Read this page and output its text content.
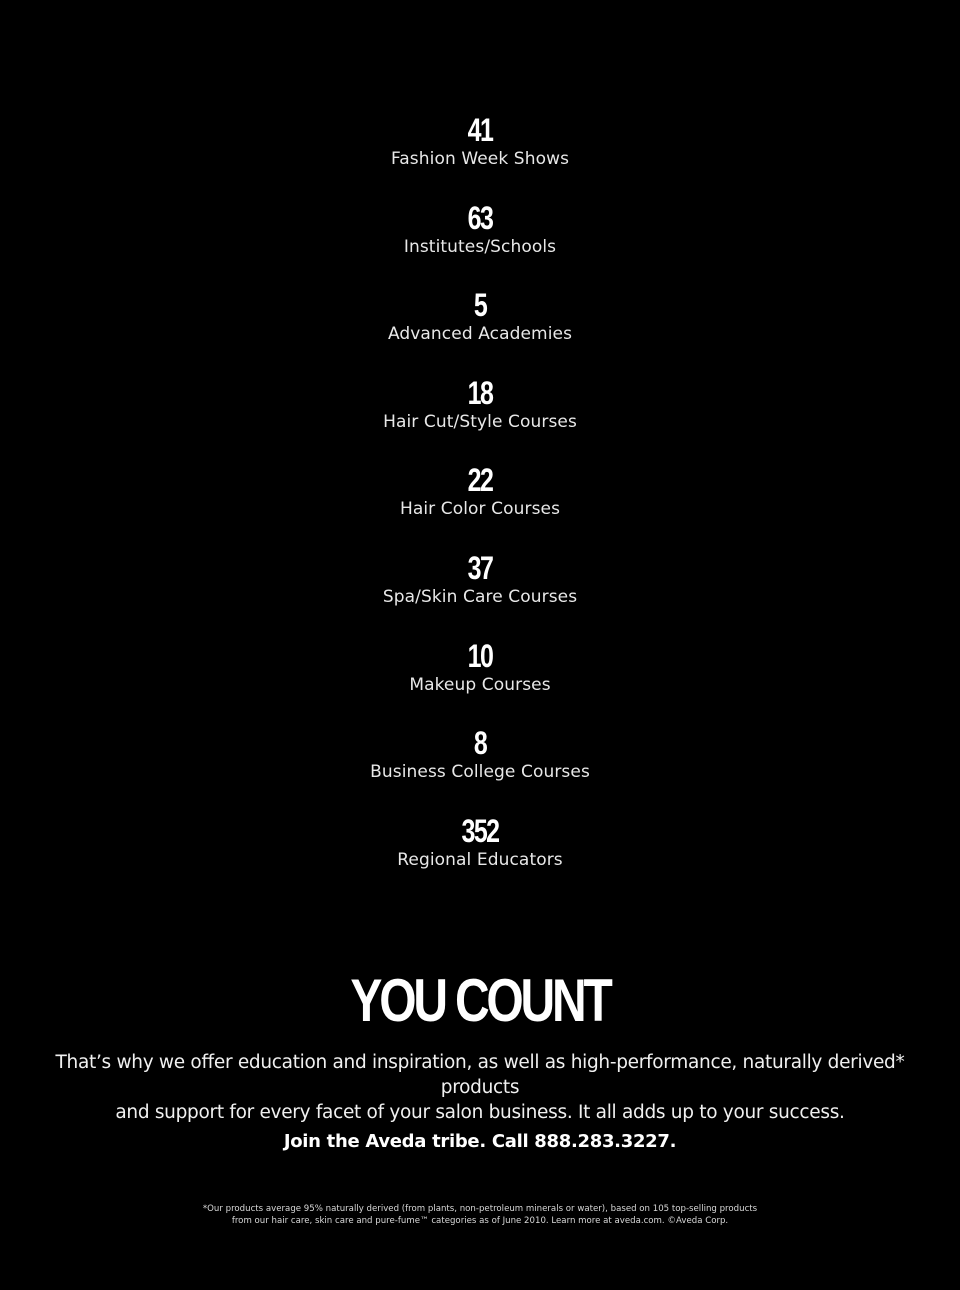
41
Fashion Week Shows
63
Institutes/Schools
5
Advanced Academies
18
Hair Cut/Style Courses
22
Hair Color Courses
37
Spa/Skin Care Courses
10
Makeup Courses
8
Business College Courses
352
Regional Educators
YOU COUNT

That’s why we offer education and inspiration, as well as high-performance, naturally derived* products
and support for every facet of your salon business. It all adds up to your success.

Join the Aveda tribe. Call 888.283.3227.

*Our products average 95% naturally derived (from plants, non-petroleum minerals or water), based on 105 top-selling products
from our hair care, skin care and pure-fume™ categories as of June 2010. Learn more at aveda.com. ©Aveda Corp.
